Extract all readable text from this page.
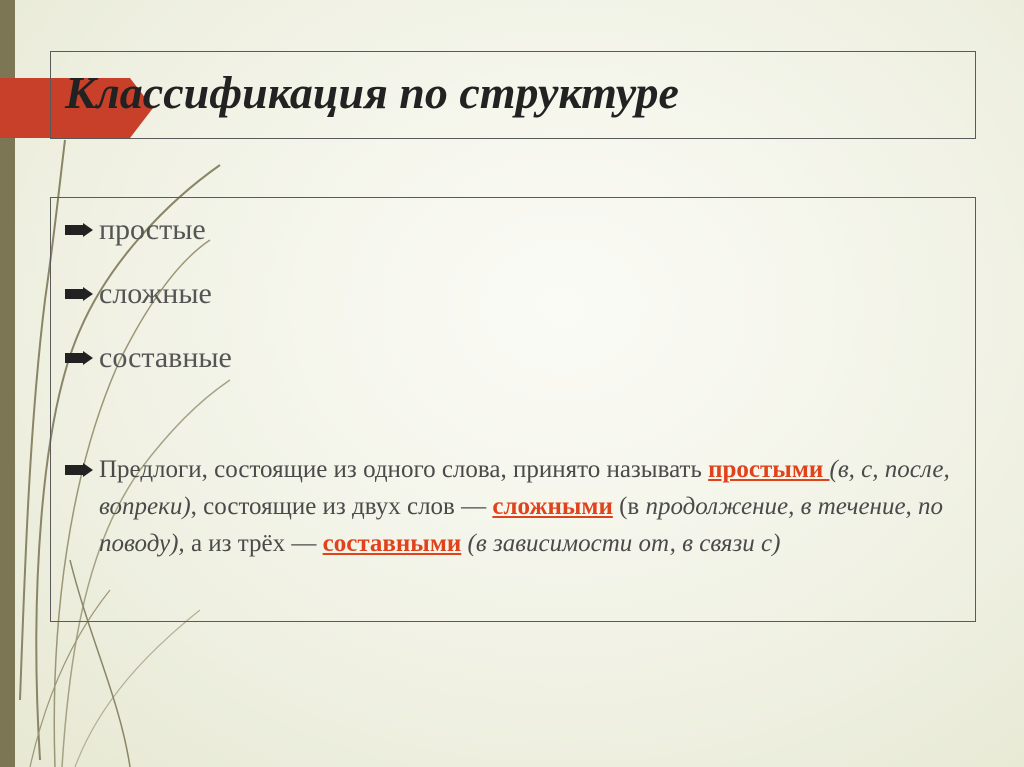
Классификация по структуре
простые
сложные
составные

Предлоги, состоящие из одного слова, принято называть простыми (в, с, после, вопреки), состоящие из двух слов — сложными (в продолжение, в течение, по поводу), а из трёх — составными (в зависимости от, в связи с)
